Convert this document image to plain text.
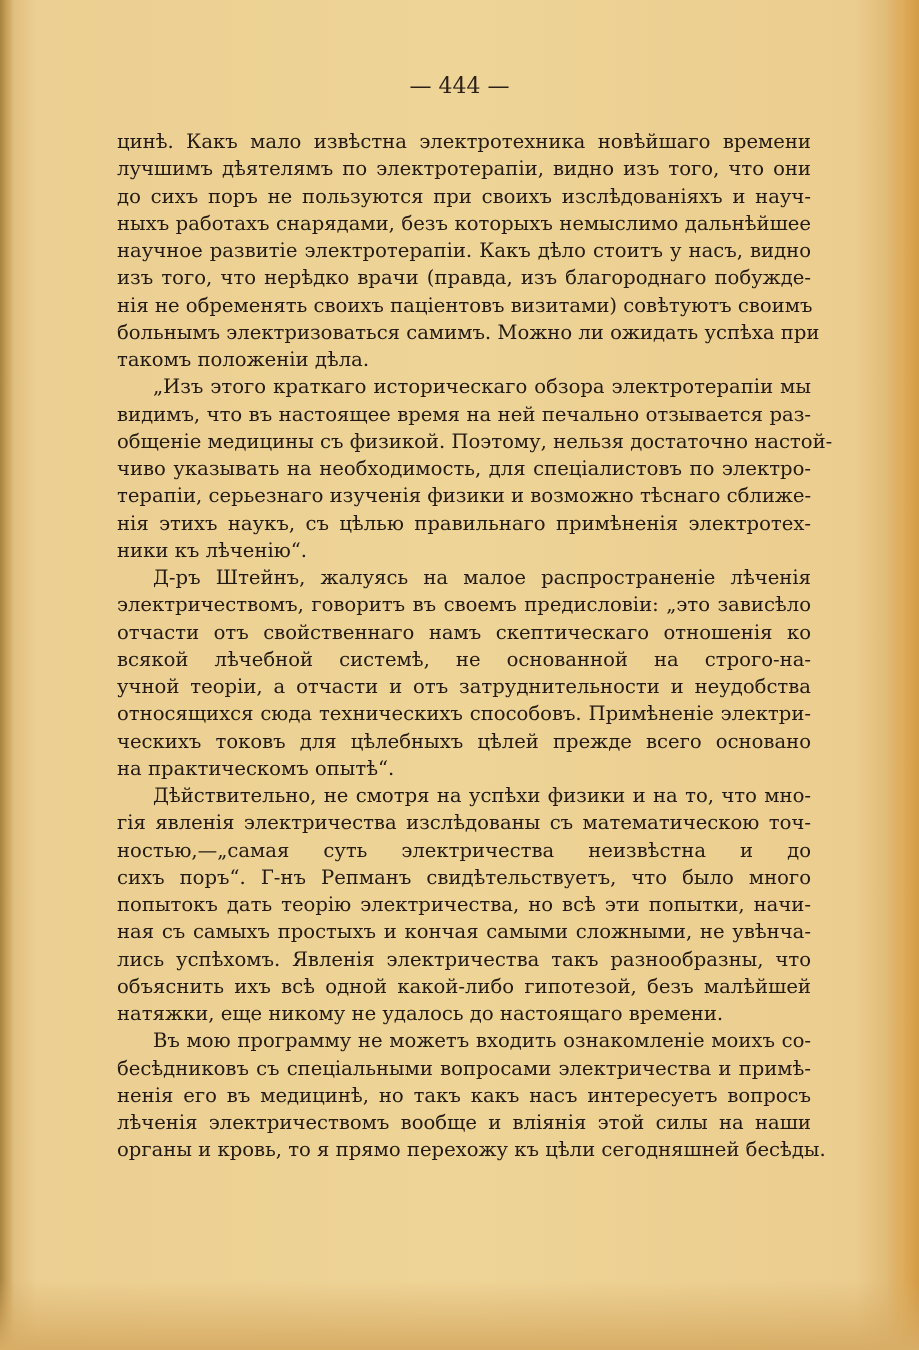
— 444 —
цинѣ. Какъ мало извѣстна электротехника новѣйшаго времени
лучшимъ дѣятелямъ по электротерапіи, видно изъ того, что они
до сихъ поръ не пользуются при своихъ изслѣдованіяхъ и науч-
ныхъ работахъ снарядами, безъ которыхъ немыслимо дальнѣйшее
научное развитіе электротерапіи. Какъ дѣло стоитъ у насъ, видно
изъ того, что нерѣдко врачи (правда, изъ благороднаго побужде-
нія не обременять своихъ паціентовъ визитами) совѣтуютъ своимъ
больнымъ электризоваться самимъ. Можно ли ожидать успѣха при
такомъ положеніи дѣла.
„Изъ этого краткаго историческаго обзора электротерапіи мы
видимъ, что въ настоящее время на ней печально отзывается раз-
общеніе медицины съ физикой. Поэтому, нельзя достаточно настой-
чиво указывать на необходимость, для спеціалистовъ по электро-
терапіи, серьезнаго изученія физики и возможно тѣснаго сближе-
нія этихъ наукъ, съ цѣлью правильнаго примѣненія электротех-
ники къ лѣченію“.
Д-ръ Штейнъ, жалуясь на малое распространеніе лѣченія
электричествомъ, говоритъ въ своемъ предисловіи: „это зависѣло
отчасти отъ свойственнаго намъ скептическаго отношенія ко
всякой лѣчебной системѣ, не основанной на строго-на-
учной теоріи, а отчасти и отъ затруднительности и неудобства
относящихся сюда техническихъ способовъ. Примѣненіе электри-
ческихъ токовъ для цѣлебныхъ цѣлей прежде всего основано
на практическомъ опытѣ“.
Дѣйствительно, не смотря на успѣхи физики и на то, что мно-
гія явленія электричества изслѣдованы съ математическою точ-
ностью,—„самая суть электричества неизвѣстна и до
сихъ поръ“. Г-нъ Репманъ свидѣтельствуетъ, что было много
попытокъ дать теорію электричества, но всѣ эти попытки, начи-
ная съ самыхъ простыхъ и кончая самыми сложными, не увѣнча-
лись успѣхомъ. Явленія электричества такъ разнообразны, что
объяснить ихъ всѣ одной какой-либо гипотезой, безъ малѣйшей
натяжки, еще никому не удалось до настоящаго времени.
Въ мою программу не можетъ входить ознакомленіе моихъ со-
бесѣдниковъ съ спеціальными вопросами электричества и примѣ-
ненія его въ медицинѣ, но такъ какъ насъ интересуетъ вопросъ
лѣченія электричествомъ вообще и вліянія этой силы на наши
органы и кровь, то я прямо перехожу къ цѣли сегодняшней бесѣды.
